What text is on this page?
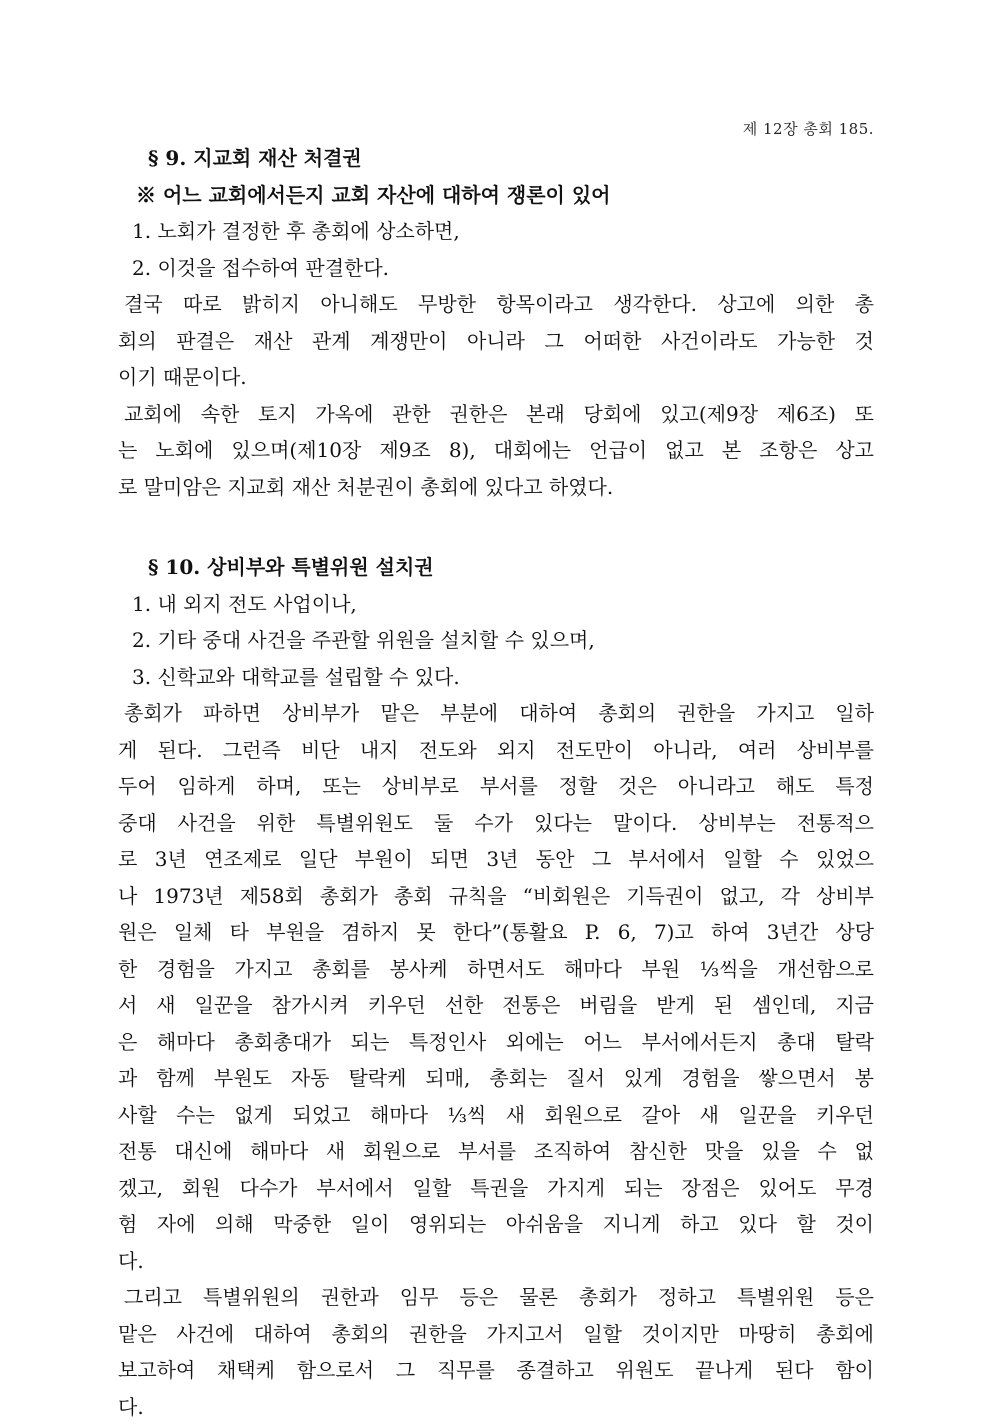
제 12장 총회 185.
§ 9. 지교회 재산 처결권
※ 어느 교회에서든지 교회 자산에 대하여 쟁론이 있어
1. 노회가 결정한 후 총회에 상소하면,
2. 이것을 접수하여 판결한다.
결국 따로 밝히지 아니해도 무방한 항목이라고 생각한다. 상고에 의한 총
회의 판결은 재산 관계 계쟁만이 아니라 그 어떠한 사건이라도 가능한 것
이기 때문이다.
교회에 속한 토지 가옥에 관한 권한은 본래 당회에 있고(제9장 제6조) 또
는 노회에 있으며(제10장 제9조 8), 대회에는 언급이 없고 본 조항은 상고
로 말미암은 지교회 재산 처분권이 총회에 있다고 하였다.
§ 10. 상비부와 특별위원 설치권
1. 내 외지 전도 사업이나,
2. 기타 중대 사건을 주관할 위원을 설치할 수 있으며,
3. 신학교와 대학교를 설립할 수 있다.
총회가 파하면 상비부가 맡은 부분에 대하여 총회의 권한을 가지고 일하
게 된다. 그런즉 비단 내지 전도와 외지 전도만이 아니라, 여러 상비부를
두어 임하게 하며, 또는 상비부로 부서를 정할 것은 아니라고 해도 특정
중대 사건을 위한 특별위원도 둘 수가 있다는 말이다. 상비부는 전통적으
로 3년 연조제로 일단 부원이 되면 3년 동안 그 부서에서 일할 수 있었으
나 1973년 제58회 총회가 총회 규칙을 “비회원은 기득권이 없고, 각 상비부
원은 일체 타 부원을 겸하지 못 한다”(통활요 P. 6, 7)고 하여 3년간 상당
한 경험을 가지고 총회를 봉사케 하면서도 해마다 부원 ⅓씩을 개선함으로
서 새 일꾼을 참가시켜 키우던 선한 전통은 버림을 받게 된 셈인데, 지금
은 해마다 총회총대가 되는 특정인사 외에는 어느 부서에서든지 총대 탈락
과 함께 부원도 자동 탈락케 되매, 총회는 질서 있게 경험을 쌓으면서 봉
사할 수는 없게 되었고 해마다 ⅓씩 새 회원으로 갈아 새 일꾼을 키우던
전통 대신에 해마다 새 회원으로 부서를 조직하여 참신한 맛을 있을 수 없
겠고, 회원 다수가 부서에서 일할 특권을 가지게 되는 장점은 있어도 무경
험 자에 의해 막중한 일이 영위되는 아쉬움을 지니게 하고 있다 할 것이
다.
그리고 특별위원의 권한과 임무 등은 물론 총회가 정하고 특별위원 등은
맡은 사건에 대하여 총회의 권한을 가지고서 일할 것이지만 마땅히 총회에
보고하여 채택케 함으로서 그 직무를 종결하고 위원도 끝나게 된다 함이
다.
